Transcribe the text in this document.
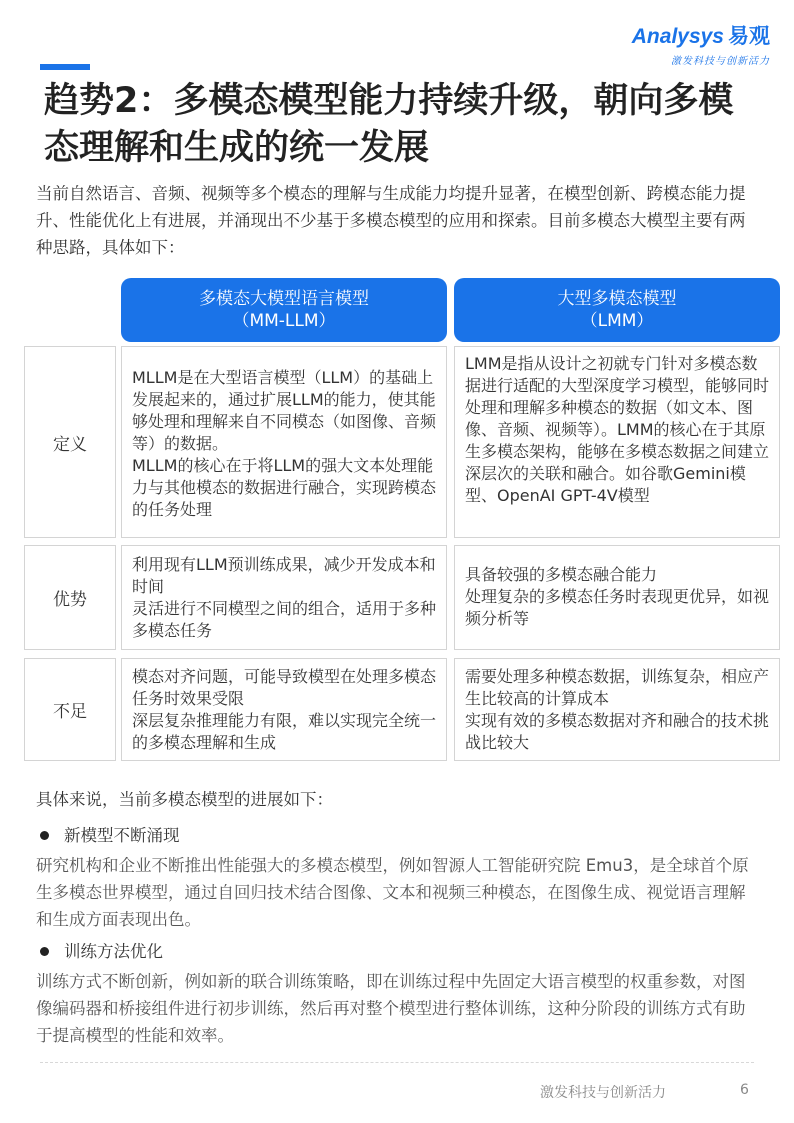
Analysys 易观
激发科技与创新活力
趋势2：多模态模型能力持续升级，朝向多模态理解和生成的统一发展

当前自然语言、音频、视频等多个模态的理解与生成能力均提升显著，在模型创新、跨模态能力提升、性能优化上有进展，并涌现出不少基于多模态模型的应用和探索。目前多模态大模型主要有两种思路，具体如下：

多模态大模型语言模型
（MM-LLM）
大型多模态模型
（LMM）
定义
MLLM是在大型语言模型（LLM）的基础上发展起来的，通过扩展LLM的能力，使其能够处理和理解来自不同模态（如图像、音频等）的数据。
MLLM的核心在于将LLM的强大文本处理能力与其他模态的数据进行融合，实现跨模态的任务处理
LMM是指从设计之初就专门针对多模态数据进行适配的大型深度学习模型，能够同时处理和理解多种模态的数据（如文本、图像、音频、视频等）。LMM的核心在于其原生多模态架构，能够在多模态数据之间建立深层次的关联和融合。如谷歌Gemini模型、OpenAI GPT-4V模型
优势
利用现有LLM预训练成果，减少开发成本和时间
灵活进行不同模型之间的组合，适用于多种多模态任务
具备较强的多模态融合能力
处理复杂的多模态任务时表现更优异，如视频分析等
不足
模态对齐问题，可能导致模型在处理多模态任务时效果受限
深层复杂推理能力有限，难以实现完全统一的多模态理解和生成
需要处理多种模态数据，训练复杂，相应产生比较高的计算成本
实现有效的多模态数据对齐和融合的技术挑战比较大

具体来说，当前多模态模型的进展如下：

新模型不断涌现

研究机构和企业不断推出性能强大的多模态模型，例如智源人工智能研究院 Emu3，是全球首个原生多模态世界模型，通过自回归技术结合图像、文本和视频三种模态，在图像生成、视觉语言理解和生成方面表现出色。

训练方法优化

训练方式不断创新，例如新的联合训练策略，即在训练过程中先固定大语言模型的权重参数，对图像编码器和桥接组件进行初步训练，然后再对整个模型进行整体训练，这种分阶段的训练方式有助于提高模型的性能和效率。

激发科技与创新活力	6
